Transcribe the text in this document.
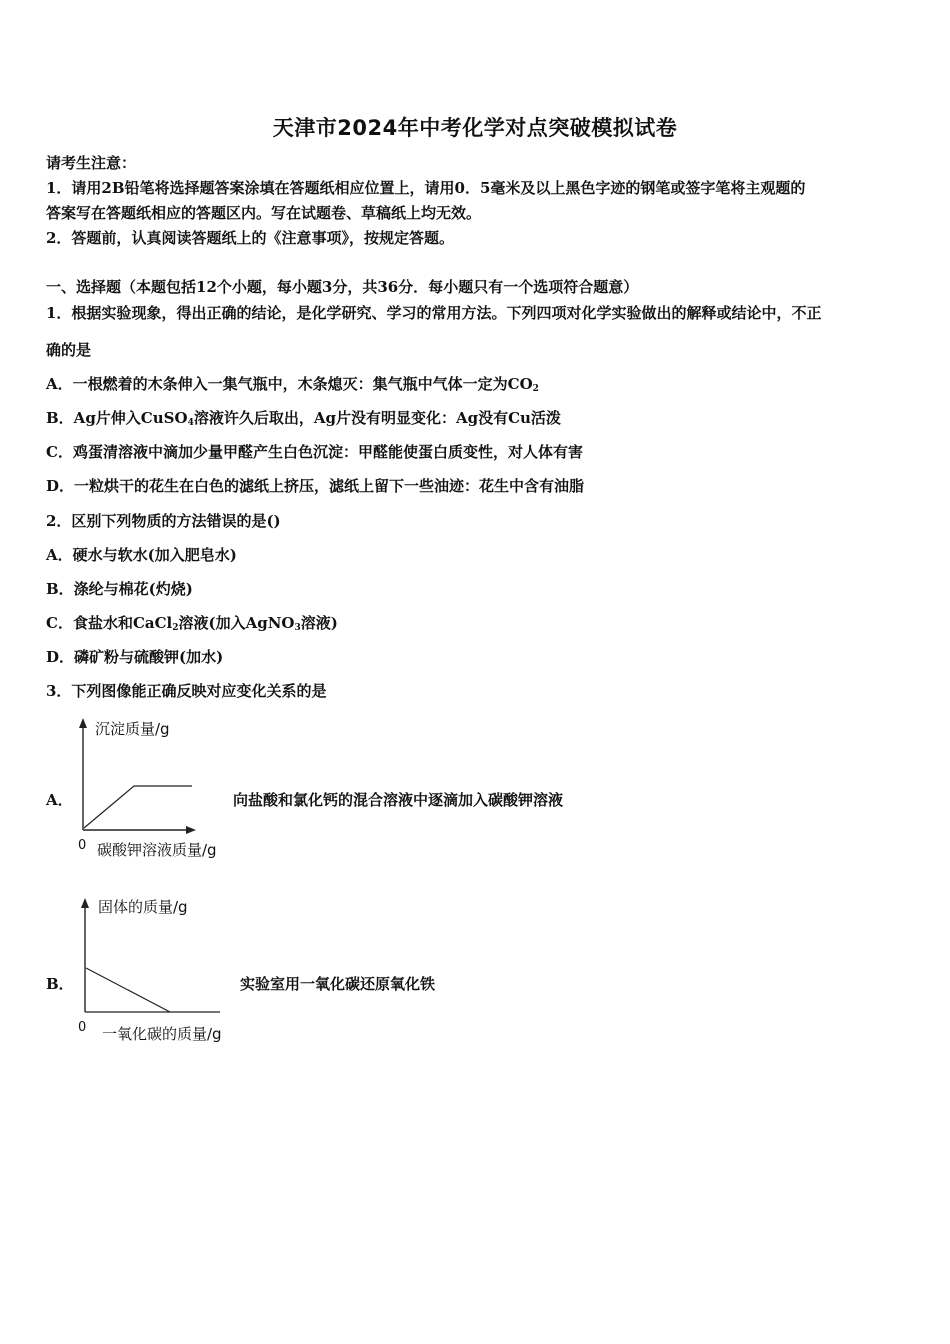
天津市2024年中考化学对点突破模拟试卷
请考生注意：
1．请用2B铅笔将选择题答案涂填在答题纸相应位置上，请用0．5毫米及以上黑色字迹的钢笔或签字笔将主观题的
答案写在答题纸相应的答题区内。写在试题卷、草稿纸上均无效。
2．答题前，认真阅读答题纸上的《注意事项》，按规定答题。
一、选择题（本题包括12个小题，每小题3分，共36分．每小题只有一个选项符合题意）
1．根据实验现象，得出正确的结论，是化学研究、学习的常用方法。下列四项对化学实验做出的解释或结论中，不正
确的是
A．一根燃着的木条伸入一集气瓶中，木条熄灭：集气瓶中气体一定为$CO_2$
B．Ag片伸入CuSO$_4$溶液许久后取出，Ag片没有明显变化：Ag没有Cu活泼
C．鸡蛋清溶液中滴加少量甲醛产生白色沉淀：甲醛能使蛋白质变性，对人体有害
D．一粒烘干的花生在白色的滤纸上挤压，滤纸上留下一些油迹：花生中含有油脂
2．区别下列物质的方法错误的是()
A．硬水与软水(加入肥皂水)
B．涤纶与棉花(灼烧)
C．食盐水和CaCl$_2$溶液(加入AgNO$_3$溶液)
D．磷矿粉与硫酸钾(加水)
3．下列图像能正确反映对应变化关系的是
A．
沉淀质量/g
0 碳酸钾溶液质量/g
向盐酸和氯化钙的混合溶液中逐滴加入碳酸钾溶液
B．
固体的质量/g
0 一氧化碳的质量/g
实验室用一氧化碳还原氧化铁
